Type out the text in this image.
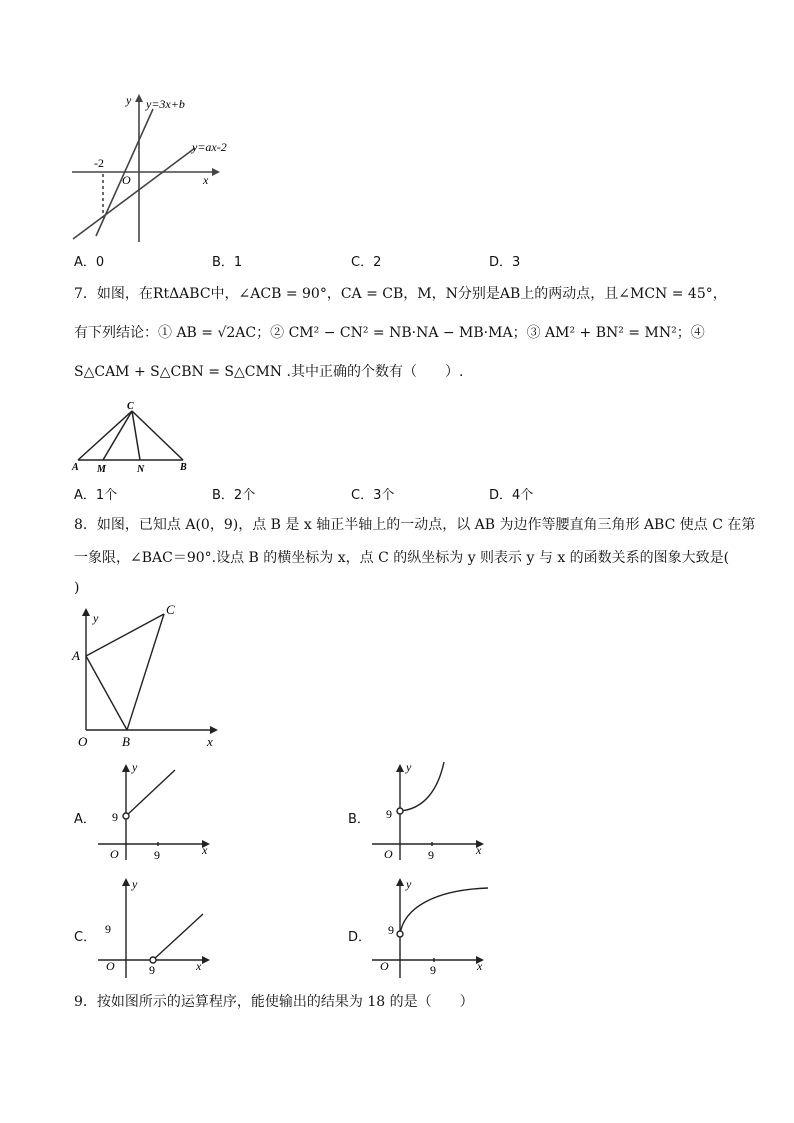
y y=3x+b
y=ax-2
x
O
-2
A．0	B．1	C．2	D．3
7．如图，在RtΔABC中，∠ACB = 90°，CA = CB，M，N分别是AB上的两动点，且∠MCN = 45°，
有下列结论：① AB = √2AC；② CM² − CN² = NB·NA − MB·MA；③ AM² + BN² = MN²；④
S△CAM + S△CBN = S△CMN .其中正确的个数有（　　）.
C
A M	N	B
A．1个	B．2个	C．3个	D．4个
8．如图，已知点 A(0，9)，点 B 是 x 轴正半轴上的一动点，以 AB 为边作等腰直角三角形 ABC 使点 C 在第
一象限，∠BAC＝90°.设点 B 的横坐标为 x，点 C 的纵坐标为 y 则表示 y 与 x 的函数关系的图象大致是(
)
y
C
A
O	B	x
A．
y
9
O	9	x
B．
y
9
O	9	x
C．
y
9
O	9	x
D．
y
9
O	9	x
9．按如图所示的运算程序，能使输出的结果为 18 的是（　　）
